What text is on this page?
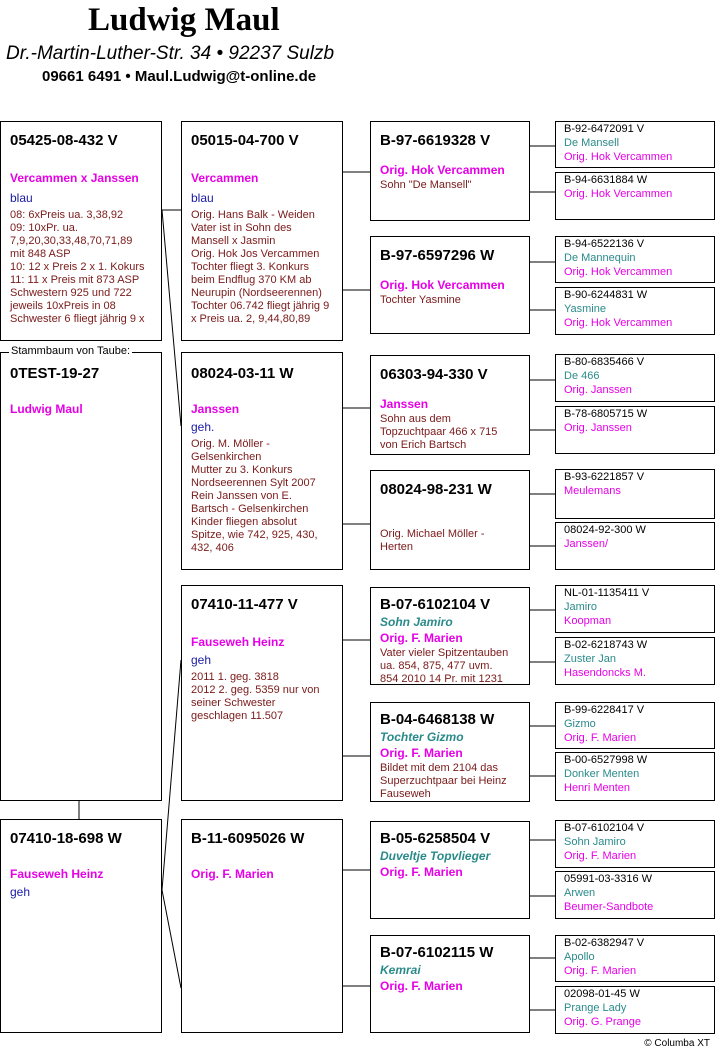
Ludwig Maul
Dr.-Martin-Luther-Str. 34 • 92237 Sulzb
09661 6491 • Maul.Ludwig@t-online.de
05425-08-432 V
Vercammen x Janssen
blau
08: 6xPreis ua. 3,38,92
09: 10xPr. ua.
7,9,20,30,33,48,70,71,89
mit 848 ASP
10: 12 x Preis 2 x 1. Kokurs
11: 11 x Preis mit 873 ASP
Schwestern 925 und 722
jeweils 10xPreis in 08
Schwester 6 fliegt jährig 9 x
Stammbaum von Taube:
0TEST-19-27
Ludwig Maul
07410-18-698 W
Fauseweh Heinz
geh
05015-04-700 V
Vercammen
blau
Orig. Hans Balk - Weiden
Vater ist in Sohn des
Mansell x Jasmin
Orig. Hok Jos Vercammen
Tochter fliegt 3. Konkurs
beim Endflug 370 KM ab
Neurupin (Nordseerennen)
Tochter 06.742 fliegt jährig 9
x Preis ua. 2, 9,44,80,89
08024-03-11 W
Janssen
geh.
Orig. M. Möller -
Gelsenkirchen
Mutter zu 3. Konkurs
Nordseerennen Sylt 2007
Rein Janssen von E.
Bartsch - Gelsenkirchen
Kinder fliegen absolut
Spitze, wie 742, 925, 430,
432, 406
07410-11-477 V
Fauseweh Heinz
geh
2011 1. geg. 3818
2012 2. geg. 5359 nur von
seiner Schwester
geschlagen 11.507
B-11-6095026 W
Orig. F. Marien
B-97-6619328 V
Orig. Hok Vercammen
Sohn "De Mansell"
B-97-6597296 W
Orig. Hok Vercammen
Tochter Yasmine
06303-94-330 V
Janssen
Sohn aus dem
Topzuchtpaar 466 x 715
von Erich Bartsch
08024-98-231 W
Orig. Michael Möller -
Herten
B-07-6102104 V
Sohn Jamiro
Orig. F. Marien
Vater vieler Spitzentauben
ua. 854, 875, 477 uvm.
854 2010 14 Pr. mit 1231
B-04-6468138 W
Tochter Gizmo
Orig. F. Marien
Bildet mit dem 2104 das
Superzuchtpaar bei Heinz
Fauseweh
B-05-6258504 V
Duveltje Topvlieger
Orig. F. Marien
B-07-6102115 W
Kemrai
Orig. F. Marien
B-92-6472091 V
De Mansell
Orig. Hok Vercammen
B-94-6631884 W
Orig. Hok Vercammen
B-94-6522136 V
De Mannequin
Orig. Hok Vercammen
B-90-6244831 W
Yasmine
Orig. Hok Vercammen
B-80-6835466 V
De 466
Orig. Janssen
B-78-6805715 W
Orig. Janssen
B-93-6221857 V
Meulemans
08024-92-300 W
Janssen/
NL-01-1135411 V
Jamiro
Koopman
B-02-6218743 W
Zuster Jan
Hasendoncks M.
B-99-6228417 V
Gizmo
Orig. F. Marien
B-00-6527998 W
Donker Menten
Henri Menten
B-07-6102104 V
Sohn Jamiro
Orig. F. Marien
05991-03-3316 W
Arwen
Beumer-Sandbote
B-02-6382947 V
Apollo
Orig. F. Marien
02098-01-45 W
Prange Lady
Orig. G. Prange
© Columba XT
